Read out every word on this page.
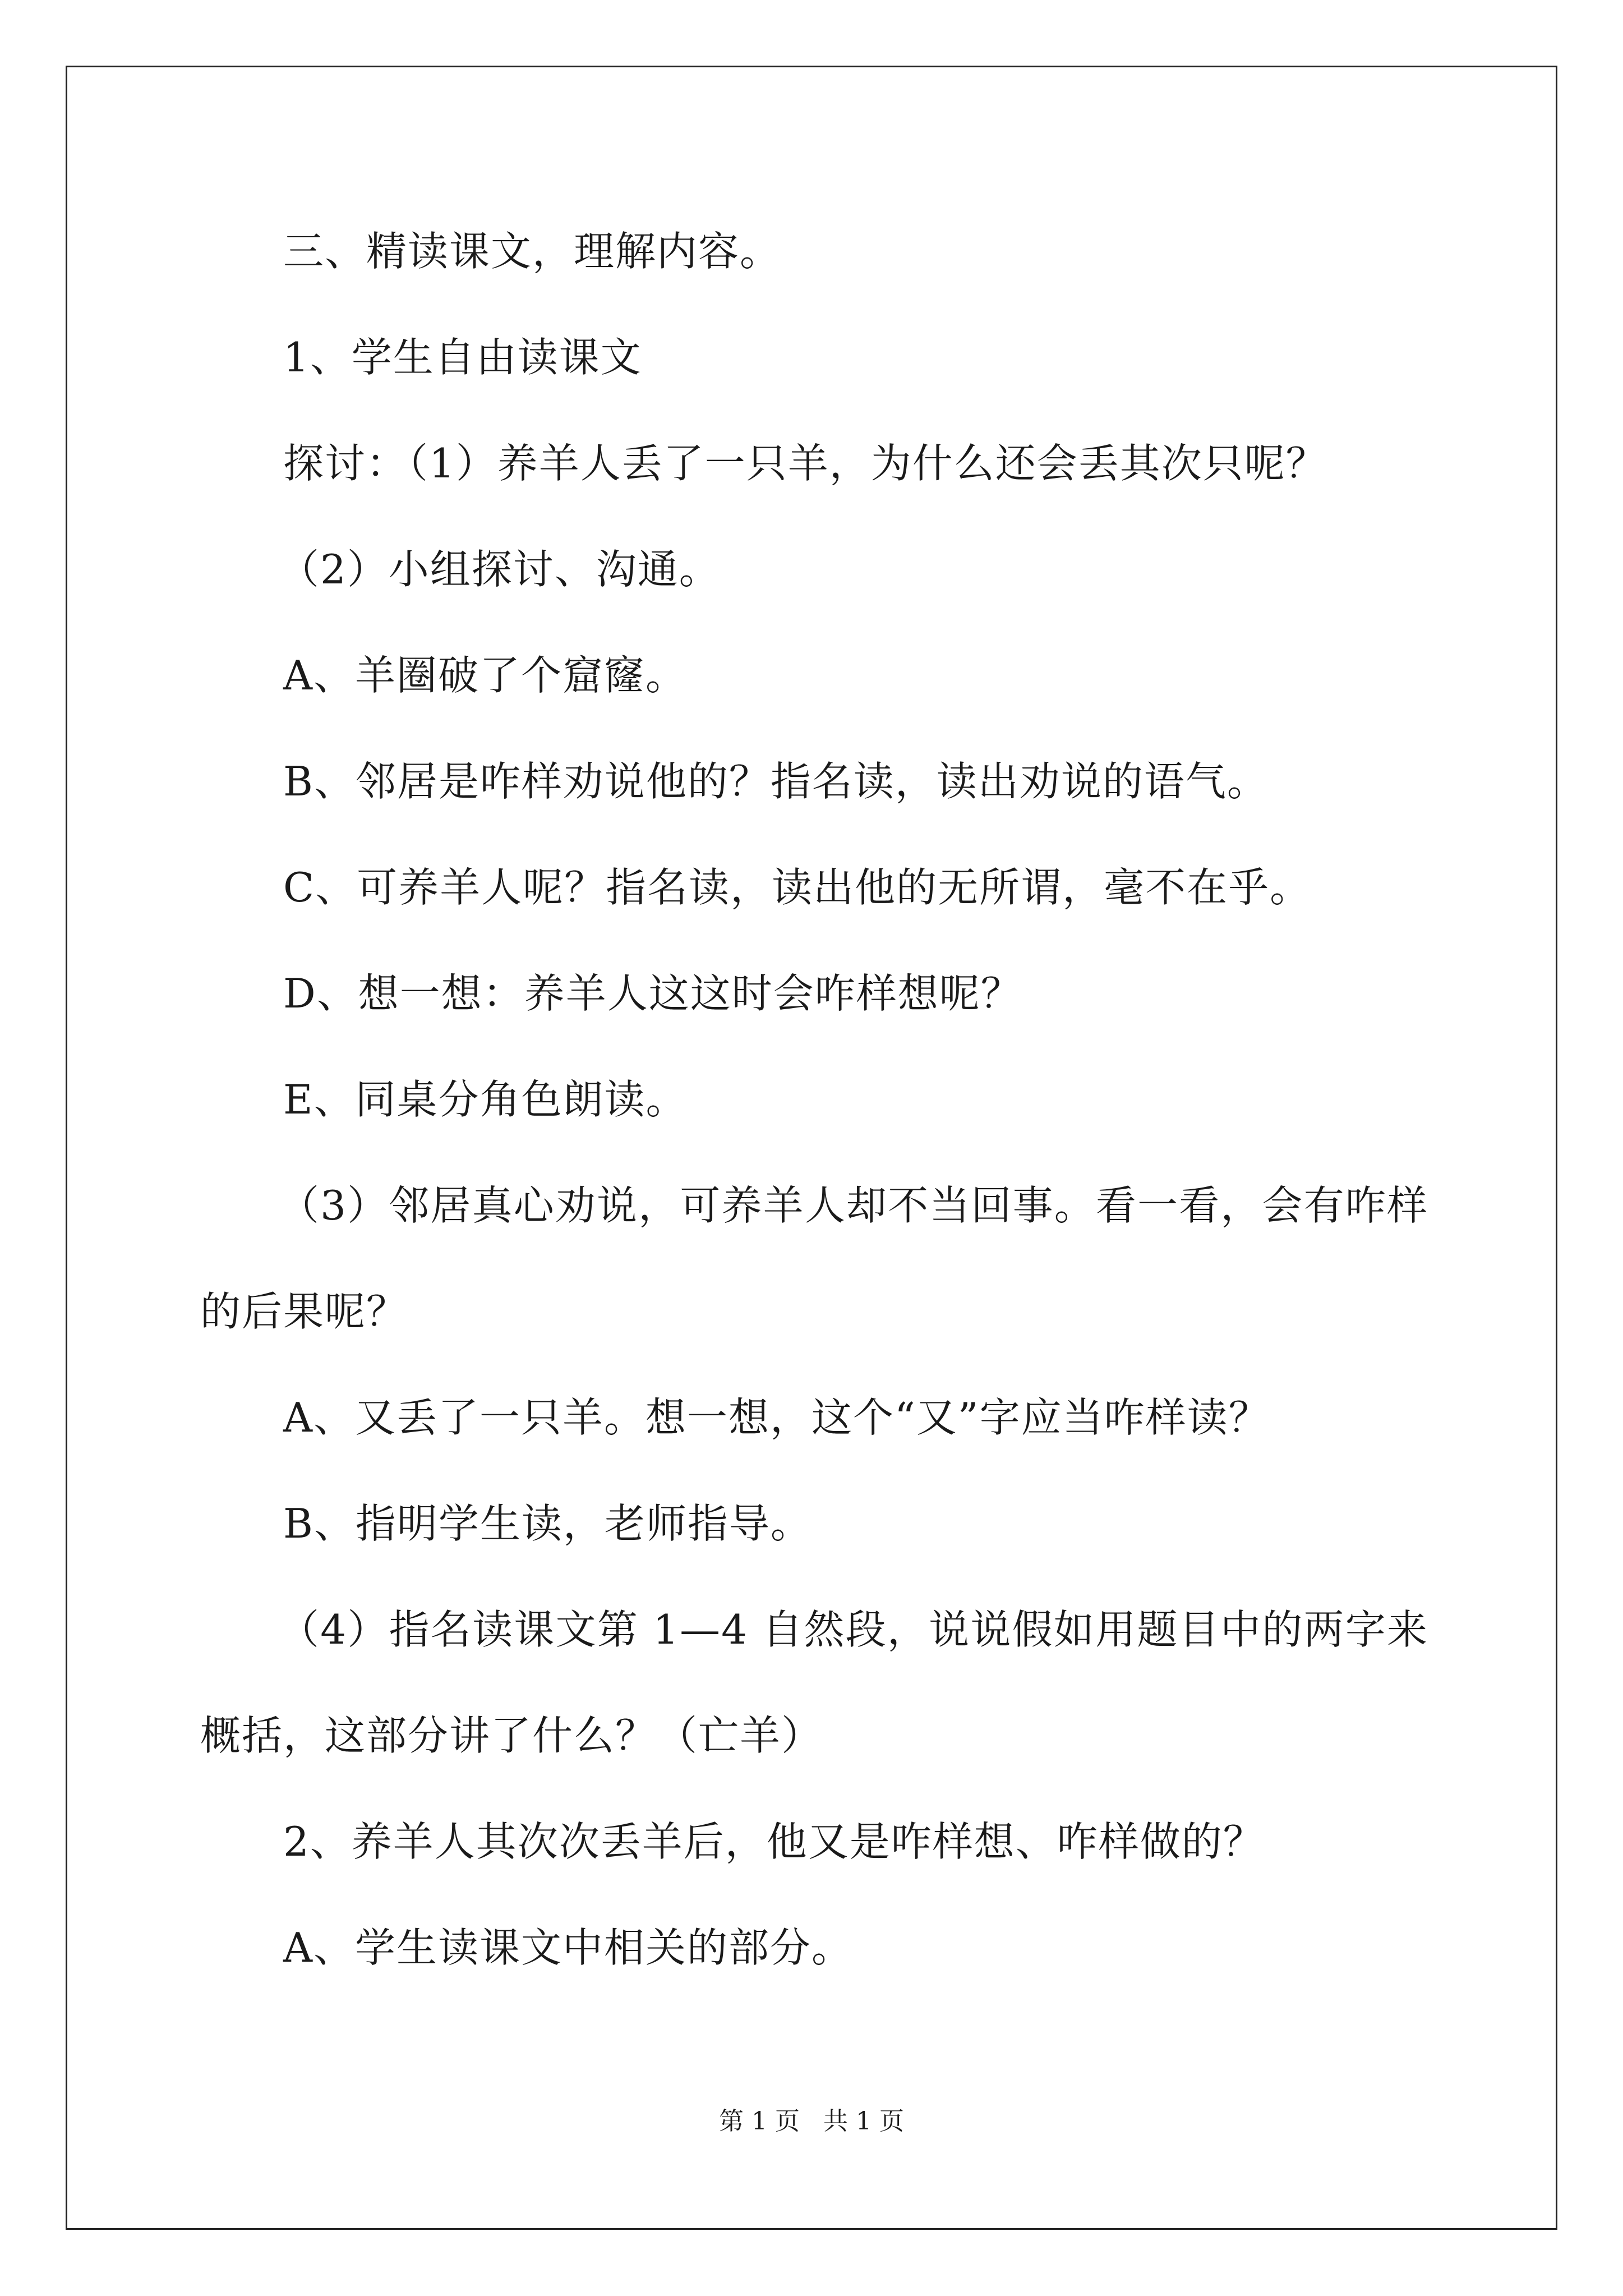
三、精读课文，理解内容。

1、学生自由读课文

探讨：（1）养羊人丢了一只羊，为什么还会丢其次只呢？

（2）小组探讨、沟通。

A、羊圈破了个窟窿。

B、邻居是咋样劝说他的？指名读，读出劝说的语气。

C、可养羊人呢？指名读，读出他的无所谓，毫不在乎。

D、想一想：养羊人这这时会咋样想呢？

E、同桌分角色朗读。

（3）邻居真心劝说，可养羊人却不当回事。看一看，会有咋样的后果呢？

A、又丢了一只羊。想一想，这个“又”字应当咋样读？

B、指明学生读，老师指导。

（4）指名读课文第 1—4 自然段，说说假如用题目中的两字来概括，这部分讲了什么？（亡羊）

2、养羊人其次次丢羊后，他又是咋样想、咋样做的？

A、学生读课文中相关的部分。

第 1 页 共 1 页
